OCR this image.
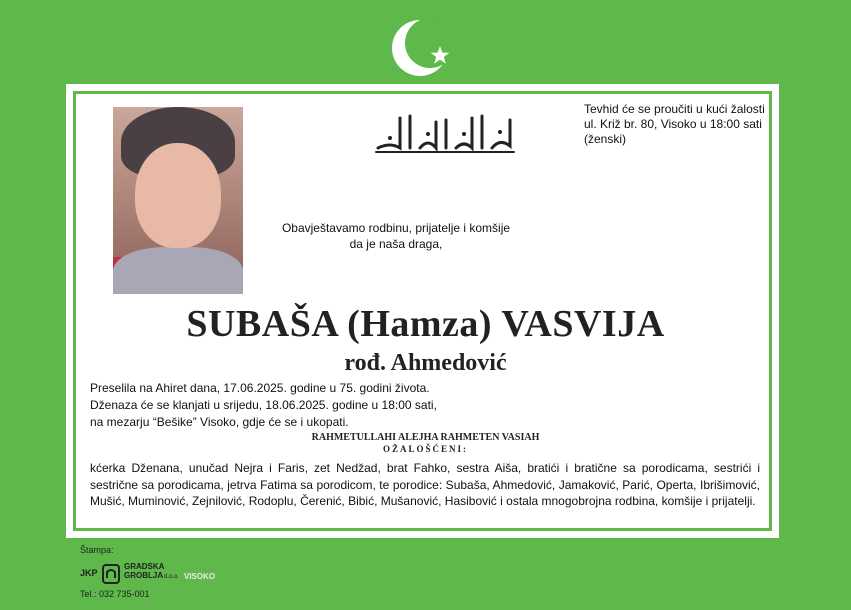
Tevhid će se proučiti u kući žalosti ul. Križ br. 80, Visoko u 18:00 sati (ženski)
Obavještavamo rodbinu, prijatelje i komšije da je naša draga,
SUBAŠA (Hamza) VASVIJA
rođ. Ahmedović
Preselila na Ahiret dana, 17.06.2025. godine u 75. godini života.
Dženaza će se klanjati u srijedu, 18.06.2025. godine u 18:00 sati,
na mezarju “Bešike” Visoko, gdje će se i ukopati.
RAHMETULLAHI ALEJHA RAHMETEN VASIAH
OŽALOŠĆENI:
kćerka Dženana, unučad Nejra i Faris, zet Nedžad, brat Fahko, sestra Aiša, bratići i bratične sa porodicama, sestrići i sestrične sa porodicama, jetrva Fatima sa porodicom, te porodice: Subaša, Ahmedović, Jamaković, Parić, Operta, Ibrišimović, Mušić, Muminović, Zejnilović, Rodoplu, Čerenić, Bibić, Mušanović, Hasibović i ostala mnogobrojna rodbina, komšije i prijatelji.
Štampa:
JKP
GRADSKA GROBLJA d.o.o. VISOKO
Tel.: 032 735-001
